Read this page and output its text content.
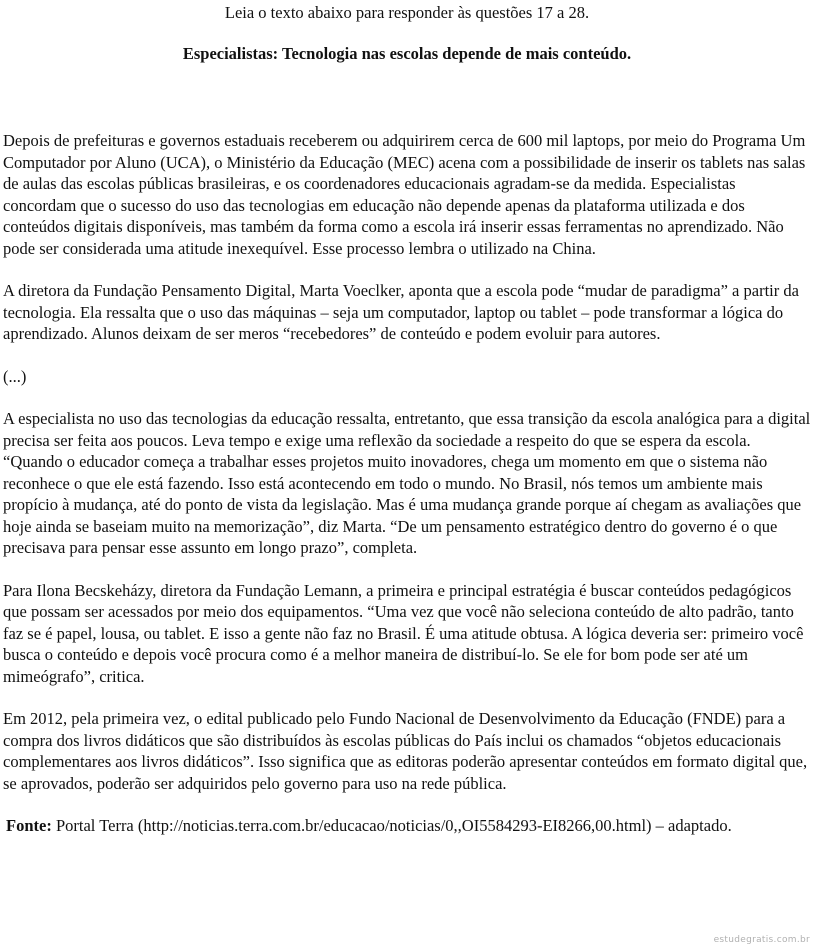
Leia o texto abaixo para responder às questões 17 a 28.
Especialistas: Tecnologia nas escolas depende de mais conteúdo.

Depois de prefeituras e governos estaduais receberem ou adquirirem cerca de 600 mil laptops, por meio do Programa Um Computador por Aluno (UCA), o Ministério da Educação (MEC) acena com a possibilidade de inserir os tablets nas salas de aulas das escolas públicas brasileiras, e os coordenadores educacionais agradam-se da medida. Especialistas concordam que o sucesso do uso das tecnologias em educação não depende apenas da plataforma utilizada e dos conteúdos digitais disponíveis, mas também da forma como a escola irá inserir essas ferramentas no aprendizado. Não pode ser considerada uma atitude inexequível. Esse processo lembra o utilizado na China.

A diretora da Fundação Pensamento Digital, Marta Voeclker, aponta que a escola pode “mudar de paradigma” a partir da tecnologia. Ela ressalta que o uso das máquinas – seja um computador, laptop ou tablet – pode transformar a lógica do aprendizado. Alunos deixam de ser meros “recebedores” de conteúdo e podem evoluir para autores.

(...)

A especialista no uso das tecnologias da educação ressalta, entretanto, que essa transição da escola analógica para a digital precisa ser feita aos poucos. Leva tempo e exige uma reflexão da sociedade a respeito do que se espera da escola. “Quando o educador começa a trabalhar esses projetos muito inovadores, chega um momento em que o sistema não reconhece o que ele está fazendo. Isso está acontecendo em todo o mundo. No Brasil, nós temos um ambiente mais propício à mudança, até do ponto de vista da legislação. Mas é uma mudança grande porque aí chegam as avaliações que hoje ainda se baseiam muito na memorização”, diz Marta. “De um pensamento estratégico dentro do governo é o que precisava para pensar esse assunto em longo prazo”, completa.

Para Ilona Becskeházy, diretora da Fundação Lemann, a primeira e principal estratégia é buscar conteúdos pedagógicos que possam ser acessados por meio dos equipamentos. “Uma vez que você não seleciona conteúdo de alto padrão, tanto faz se é papel, lousa, ou tablet. E isso a gente não faz no Brasil. É uma atitude obtusa. A lógica deveria ser: primeiro você busca o conteúdo e depois você procura como é a melhor maneira de distribuí-lo. Se ele for bom pode ser até um mimeógrafo”, critica.

Em 2012, pela primeira vez, o edital publicado pelo Fundo Nacional de Desenvolvimento da Educação (FNDE) para a compra dos livros didáticos que são distribuídos às escolas públicas do País inclui os chamados “objetos educacionais complementares aos livros didáticos”. Isso significa que as editoras poderão apresentar conteúdos em formato digital que, se aprovados, poderão ser adquiridos pelo governo para uso na rede pública.

Fonte: Portal Terra (http://noticias.terra.com.br/educacao/noticias/0,,OI5584293-EI8266,00.html) – adaptado.
estudegratis.com.br
